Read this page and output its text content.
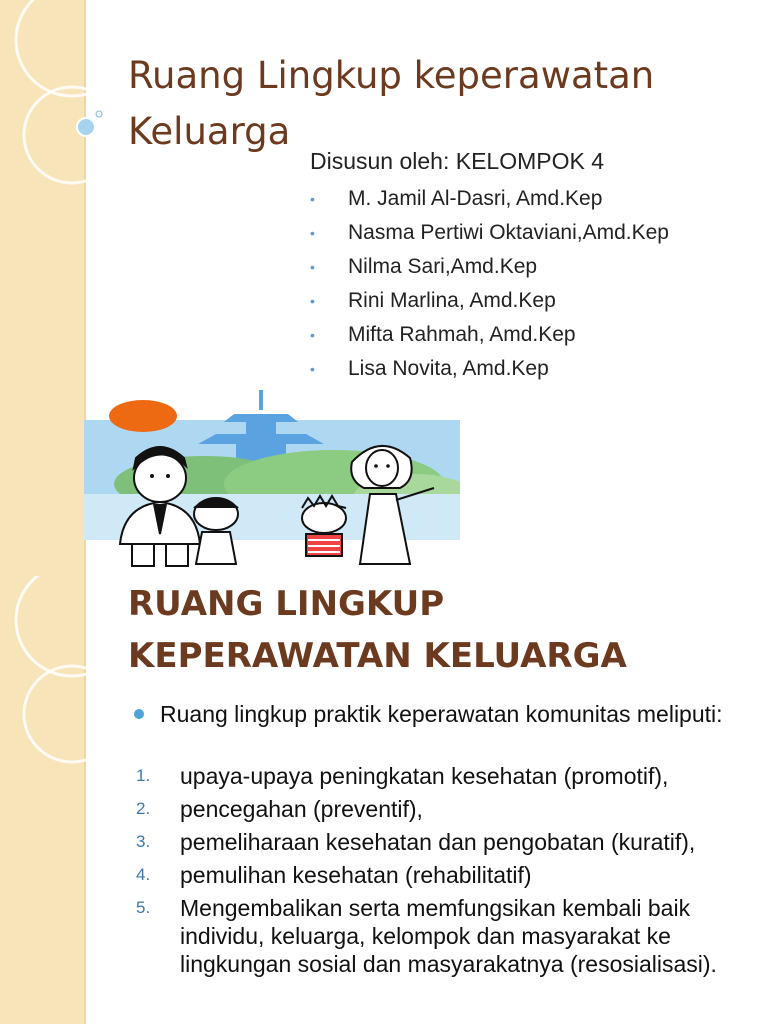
Ruang Lingkup keperawatan
Keluarga

Disusun oleh: KELOMPOK 4

• M. Jamil Al-Dasri, Amd.Kep
• Nasma Pertiwi Oktaviani,Amd.Kep
• Nilma Sari,Amd.Kep
• Rini Marlina, Amd.Kep
• Mifta Rahmah, Amd.Kep
• Lisa Novita, Amd.Kep
RUANG LINGKUP
KEPERAWATAN KELUARGA

Ruang lingkup praktik keperawatan komunitas meliputi:

1. upaya-upaya peningkatan kesehatan (promotif),
2. pencegahan (preventif),
3. pemeliharaan kesehatan dan pengobatan (kuratif),
4. pemulihan kesehatan (rehabilitatif)
5. Mengembalikan serta memfungsikan kembali baik individu, keluarga, kelompok dan masyarakat ke lingkungan sosial dan masyarakatnya (resosialisasi).
